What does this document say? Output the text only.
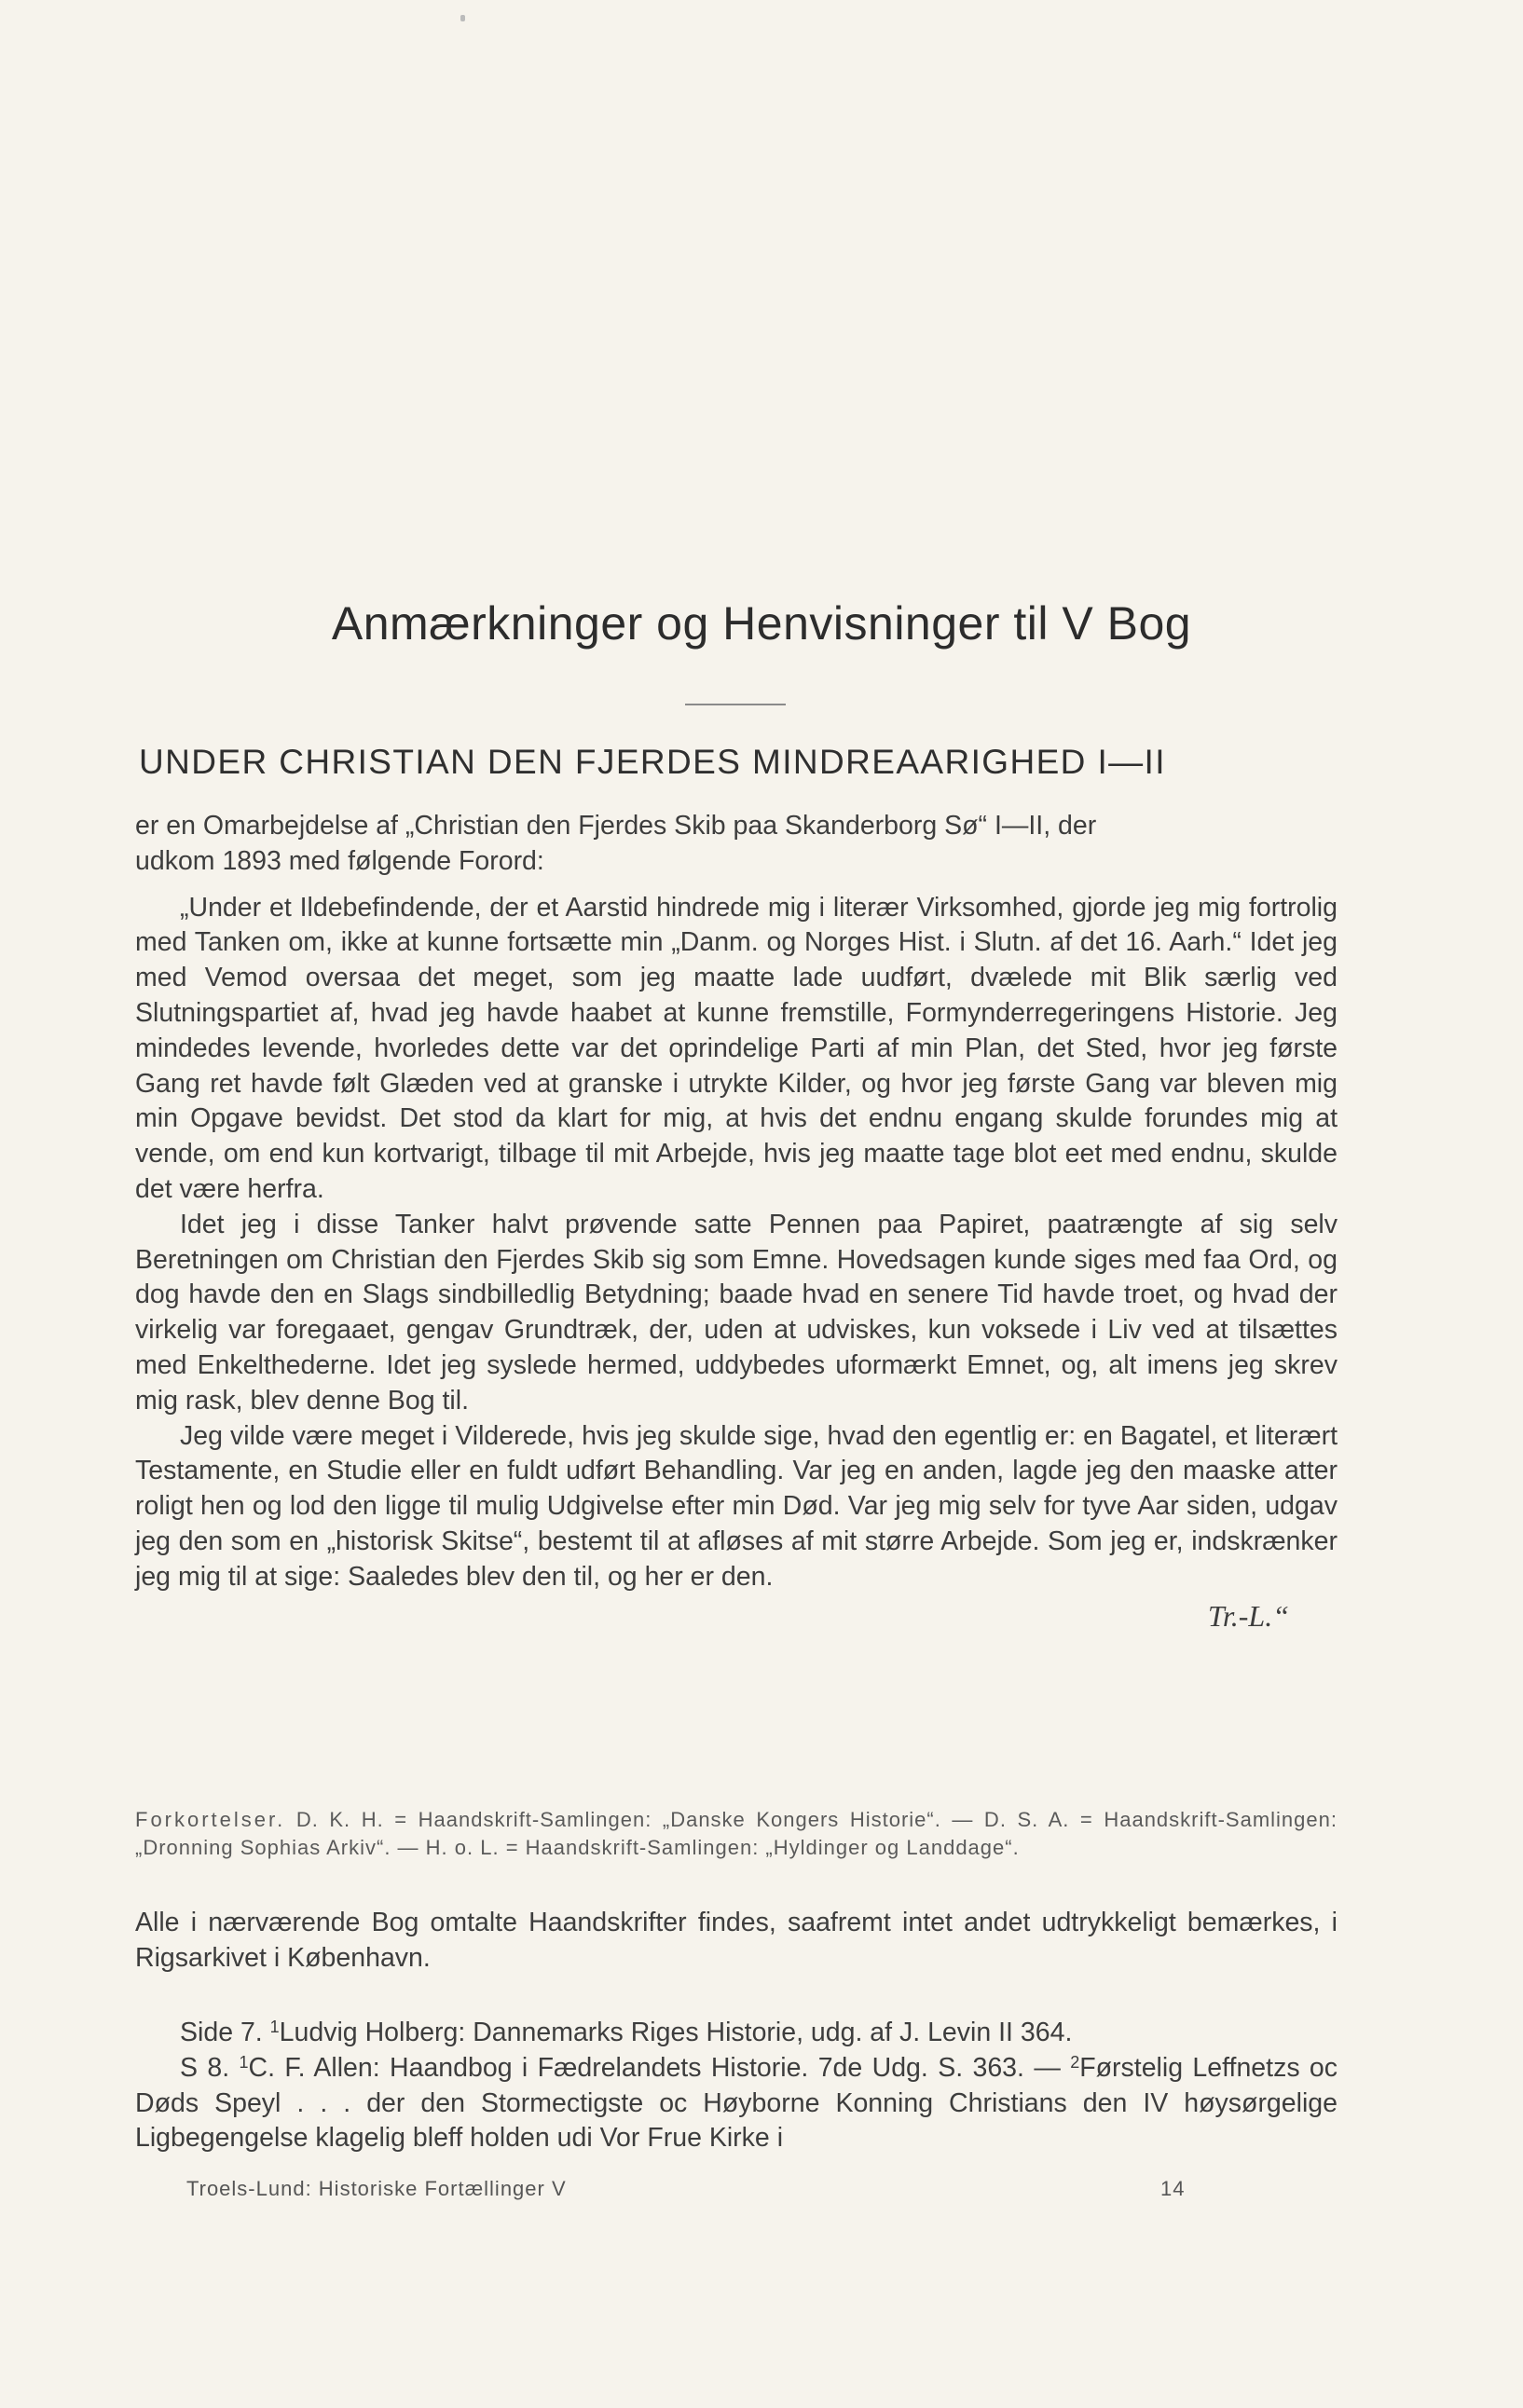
Anmærkninger og Henvisninger til V Bog
UNDER CHRISTIAN DEN FJERDES MINDREAARIGHED I—II

er en Omarbejdelse af „Christian den Fjerdes Skib paa Skanderborg Sø“ I—II, der

udkom 1893 med følgende Forord:

„Under et Ildebefindende, der et Aarstid hindrede mig i literær Virksomhed, gjorde jeg mig fortrolig med Tanken om, ikke at kunne fortsætte min „Danm. og Norges Hist. i Slutn. af det 16. Aarh.“ Idet jeg med Vemod oversaa det meget, som jeg maatte lade uudført, dvælede mit Blik særlig ved Slutningspartiet af, hvad jeg havde haabet at kunne fremstille, Formynderregeringens Historie. Jeg mindedes levende, hvorledes dette var det oprindelige Parti af min Plan, det Sted, hvor jeg første Gang ret havde følt Glæden ved at granske i utrykte Kilder, og hvor jeg første Gang var bleven mig min Opgave bevidst. Det stod da klart for mig, at hvis det endnu engang skulde forundes mig at vende, om end kun kortvarigt, tilbage til mit Arbejde, hvis jeg maatte tage blot eet med endnu, skulde det være herfra.

Idet jeg i disse Tanker halvt prøvende satte Pennen paa Papiret, paatrængte af sig selv Beretningen om Christian den Fjerdes Skib sig som Emne. Hovedsagen kunde siges med faa Ord, og dog havde den en Slags sindbilledlig Betydning; baade hvad en senere Tid havde troet, og hvad der virkelig var foregaaet, gengav Grundtræk, der, uden at udviskes, kun voksede i Liv ved at tilsættes med Enkelthederne. Idet jeg syslede hermed, uddybedes uformærkt Emnet, og, alt imens jeg skrev mig rask, blev denne Bog til.

Jeg vilde være meget i Vilderede, hvis jeg skulde sige, hvad den egentlig er: en Bagatel, et literært Testamente, en Studie eller en fuldt udført Behandling. Var jeg en anden, lagde jeg den maaske atter roligt hen og lod den ligge til mulig Udgivelse efter min Død. Var jeg mig selv for tyve Aar siden, udgav jeg den som en „historisk Skitse“, bestemt til at afløses af mit større Arbejde. Som jeg er, indskrænker jeg mig til at sige: Saaledes blev den til, og her er den.

Tr.-L.“

Forkortelser. D. K. H. = Haandskrift-Samlingen: „Danske Kongers Historie“. — D. S. A. = Haandskrift-Samlingen: „Dronning Sophias Arkiv“. — H. o. L. = Haandskrift-Samlingen: „Hyldinger og Landdage“.
Alle i nærværende Bog omtalte Haandskrifter findes, saafremt intet andet udtrykkeligt bemærkes, i Rigsarkivet i København.

Side 7. $^1$Ludvig Holberg: Dannemarks Riges Historie, udg. af J. Levin II 364.

S 8. $^1$C. F. Allen: Haandbog i Fædrelandets Historie. 7de Udg. S. 363. — $^2$Førstelig Leffnetzs oc Døds Speyl . . . der den Stormectigste oc Høyborne Konning Christians den IV høysørgelige Ligbegengelse klagelig bleff holden udi Vor Frue Kirke i

Troels-Lund: Historiske Fortællinger V	14
